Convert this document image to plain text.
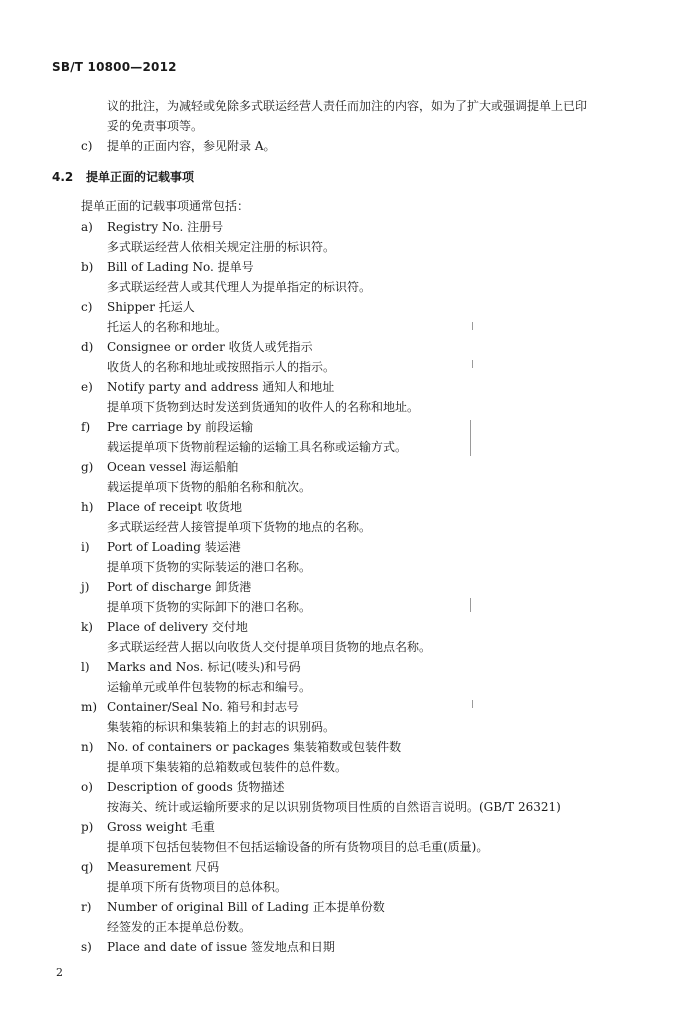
SB/T 10800—2012
议的批注，为减轻或免除多式联运经营人责任而加注的内容，如为了扩大或强调提单上已印
妥的免责事项等。
c) 提单的正面内容，参见附录 A。
4.2 提单正面的记载事项
提单正面的记载事项通常包括：
a) Registry No. 注册号
多式联运经营人依相关规定注册的标识符。
b) Bill of Lading No. 提单号
多式联运经营人或其代理人为提单指定的标识符。
c) Shipper 托运人
托运人的名称和地址。
d) Consignee or order 收货人或凭指示
收货人的名称和地址或按照指示人的指示。
e) Notify party and address 通知人和地址
提单项下货物到达时发送到货通知的收件人的名称和地址。
f) Pre carriage by 前段运输
载运提单项下货物前程运输的运输工具名称或运输方式。
g) Ocean vessel 海运船舶
载运提单项下货物的船舶名称和航次。
h) Place of receipt 收货地
多式联运经营人接管提单项下货物的地点的名称。
i) Port of Loading 装运港
提单项下货物的实际装运的港口名称。
j) Port of discharge 卸货港
提单项下货物的实际卸下的港口名称。
k) Place of delivery 交付地
多式联运经营人据以向收货人交付提单项目货物的地点名称。
l) Marks and Nos. 标记(唛头)和号码
运输单元或单件包装物的标志和编号。
m) Container/Seal No. 箱号和封志号
集装箱的标识和集装箱上的封志的识别码。
n) No. of containers or packages 集装箱数或包装件数
提单项下集装箱的总箱数或包装件的总件数。
o) Description of goods 货物描述
按海关、统计或运输所要求的足以识别货物项目性质的自然语言说明。(GB/T 26321)
p) Gross weight 毛重
提单项下包括包装物但不包括运输设备的所有货物项目的总毛重(质量)。
q) Measurement 尺码
提单项下所有货物项目的总体积。
r) Number of original Bill of Lading 正本提单份数
经签发的正本提单总份数。
s) Place and date of issue 签发地点和日期
2
